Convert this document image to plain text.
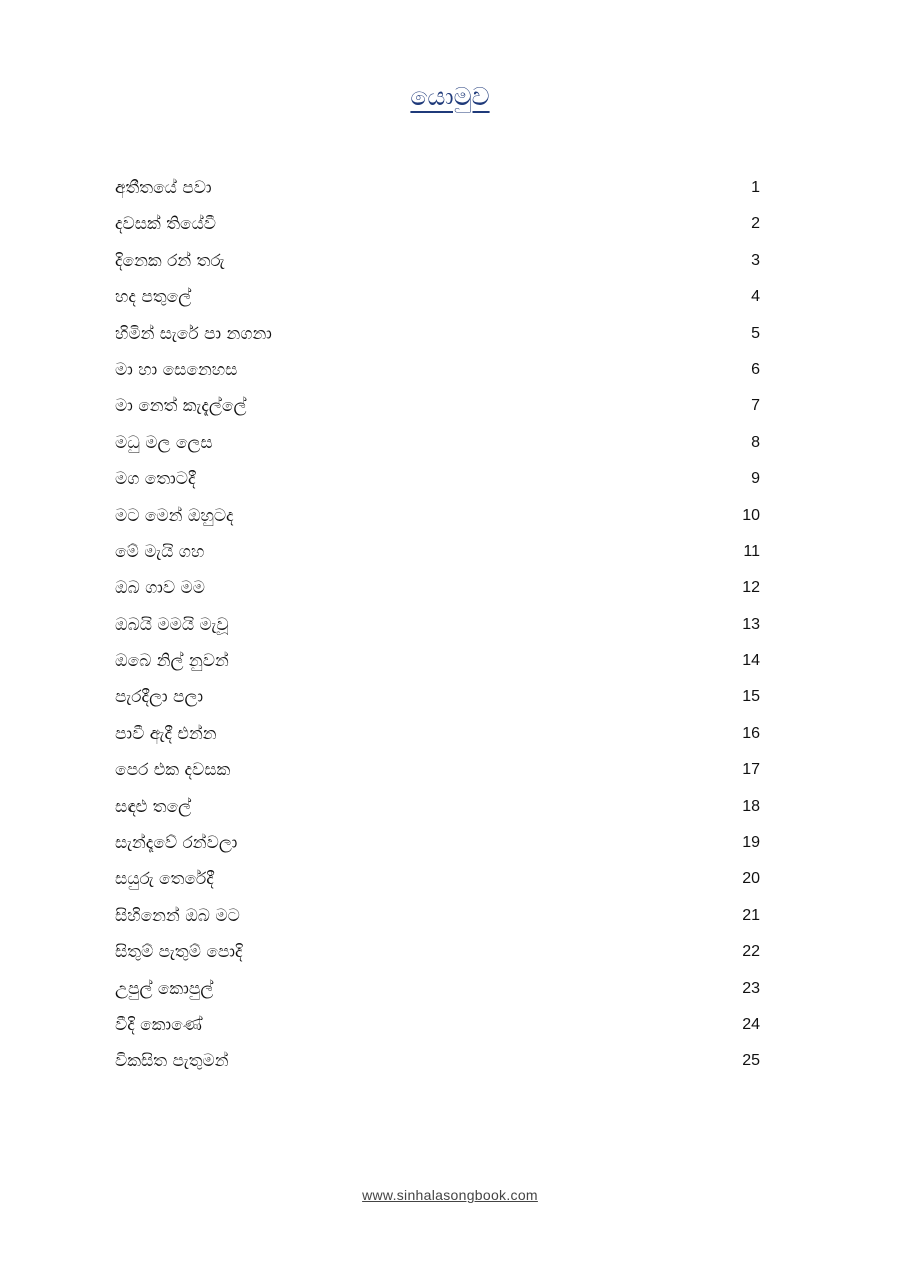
යොමුව
අතීතයේ පවා	1
දවසක් තියේවී	2
දිනෙක රන් තරු	3
හද පතුලේ	4
හිමින් සැරේ පා නගනා	5
මා හා සෙනෙහස	6
මා නෙත් කැදැල්ලේ	7
මධු මල ලෙස	8
මග තොටදී	9
මට මෙන් ඔහුටද	10
මේ මැයි ගහ	11
ඔබ ගාව මම	12
ඔබයි මමයි මැවූ	13
ඔබෙ නිල් නුවන්	14
පැරදීලා පලා	15
පාවී ඇදී එන්න	16
පෙර එක දවසක	17
සඳළු තලේ	18
සැන්දෑවේ රන්වලා	19
සයුරු තෙරේදී	20
සිහිනෙන් ඔබ මට	21
සිතුම් පැතුම් පොදි	22
උපුල් කොපුල්	23
වීදි කොණේ	24
විකසිත පැතුමන්	25
www.sinhalasongbook.com
